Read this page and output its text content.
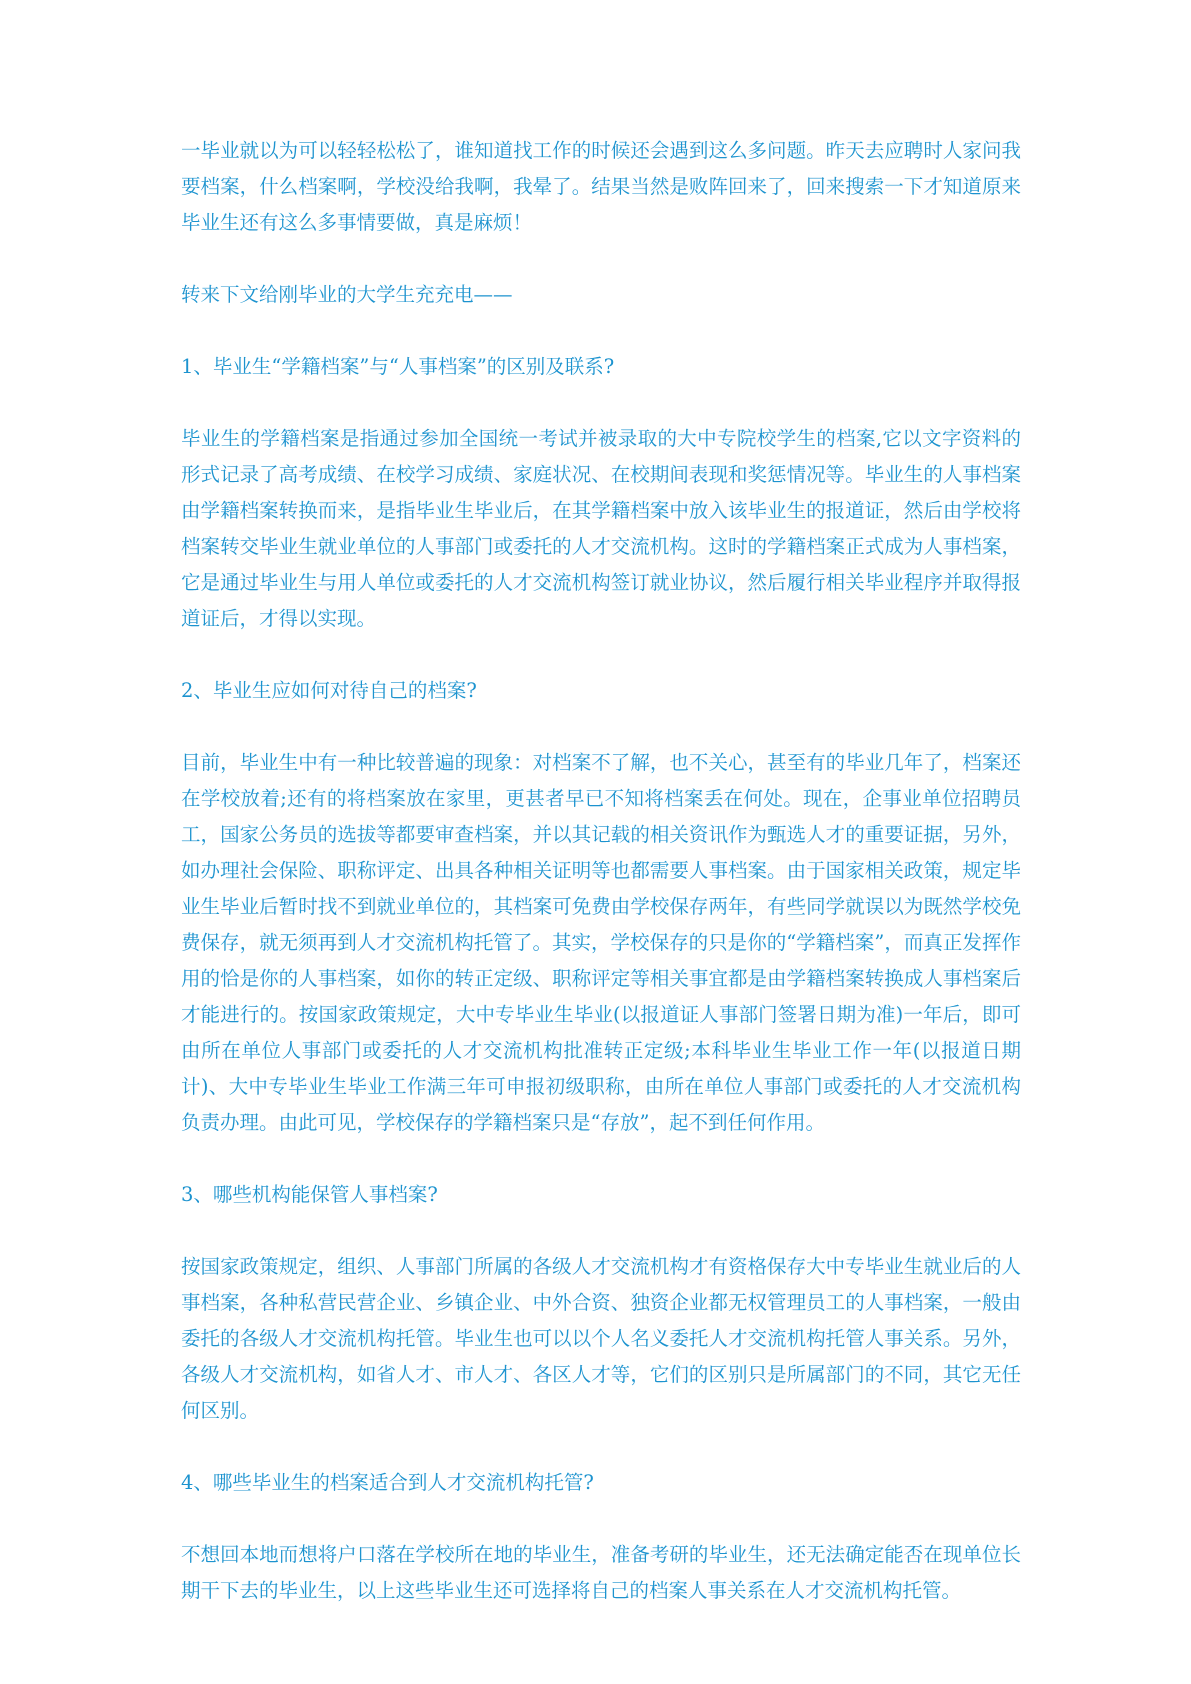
一毕业就以为可以轻轻松松了，谁知道找工作的时候还会遇到这么多问题。昨天去应聘时人家问我要档案，什么档案啊，学校没给我啊，我晕了。结果当然是败阵回来了，回来搜索一下才知道原来毕业生还有这么多事情要做，真是麻烦！

转来下文给刚毕业的大学生充充电——

1、毕业生“学籍档案”与“人事档案”的区别及联系?

毕业生的学籍档案是指通过参加全国统一考试并被录取的大中专院校学生的档案,它以文字资料的形式记录了高考成绩、在校学习成绩、家庭状况、在校期间表现和奖惩情况等。毕业生的人事档案由学籍档案转换而来，是指毕业生毕业后，在其学籍档案中放入该毕业生的报道证，然后由学校将档案转交毕业生就业单位的人事部门或委托的人才交流机构。这时的学籍档案正式成为人事档案，它是通过毕业生与用人单位或委托的人才交流机构签订就业协议，然后履行相关毕业程序并取得报道证后，才得以实现。

2、毕业生应如何对待自己的档案?

目前，毕业生中有一种比较普遍的现象：对档案不了解，也不关心，甚至有的毕业几年了，档案还在学校放着;还有的将档案放在家里，更甚者早已不知将档案丢在何处。现在，企事业单位招聘员工，国家公务员的选拔等都要审查档案，并以其记载的相关资讯作为甄选人才的重要证据，另外，如办理社会保险、职称评定、出具各种相关证明等也都需要人事档案。由于国家相关政策，规定毕业生毕业后暂时找不到就业单位的，其档案可免费由学校保存两年，有些同学就误以为既然学校免费保存，就无须再到人才交流机构托管了。其实，学校保存的只是你的“学籍档案”，而真正发挥作用的恰是你的人事档案，如你的转正定级、职称评定等相关事宜都是由学籍档案转换成人事档案后才能进行的。按国家政策规定，大中专毕业生毕业(以报道证人事部门签署日期为准)一年后，即可由所在单位人事部门或委托的人才交流机构批准转正定级;本科毕业生毕业工作一年(以报道日期计)、大中专毕业生毕业工作满三年可申报初级职称，由所在单位人事部门或委托的人才交流机构负责办理。由此可见，学校保存的学籍档案只是“存放”，起不到任何作用。

3、哪些机构能保管人事档案?

按国家政策规定，组织、人事部门所属的各级人才交流机构才有资格保存大中专毕业生就业后的人事档案，各种私营民营企业、乡镇企业、中外合资、独资企业都无权管理员工的人事档案，一般由委托的各级人才交流机构托管。毕业生也可以以个人名义委托人才交流机构托管人事关系。另外，各级人才交流机构，如省人才、市人才、各区人才等，它们的区别只是所属部门的不同，其它无任何区别。

4、哪些毕业生的档案适合到人才交流机构托管?

不想回本地而想将户口落在学校所在地的毕业生，准备考研的毕业生，还无法确定能否在现单位长期干下去的毕业生，以上这些毕业生还可选择将自己的档案人事关系在人才交流机构托管。
